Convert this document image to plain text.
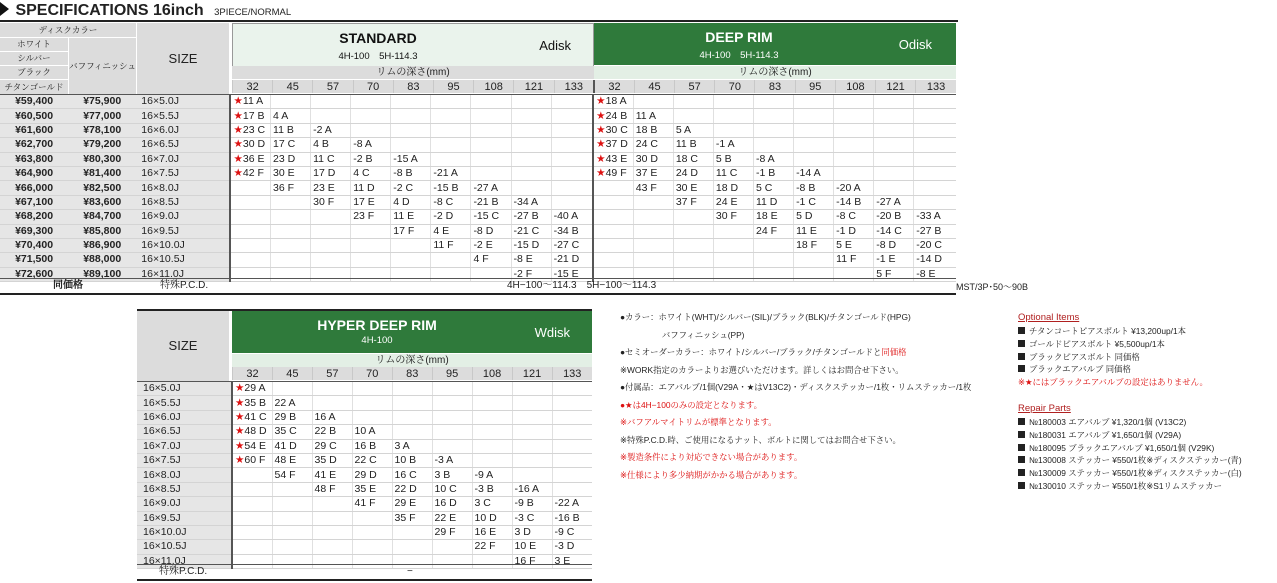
SPECIFICATIONS 16inch 3PIECE/NORMAL
ディスクカラー
ホワイト
シルバー
ブラック
チタンゴールド
バフフィニッシュ	SIZE
STANDARD
4H-100　5H-114.3
Adisk
DEEP RIM
4H-100　5H-114.3
Odisk
リムの深さ(mm)	リムの深さ(mm)
32	45	57	70	83	95	108	121	133	32	45	57	70	83	95	108	121	133
¥59,400	¥75,900	16×5.0J	★11 A									★18 A								
¥60,500	¥77,000	16×5.5J	★17 B	4 A								★24 B	11 A							
¥61,600	¥78,100	16×6.0J	★23 C	11 B	-2 A							★30 C	18 B	5 A						
¥62,700	¥79,200	16×6.5J	★30 D	17 C	4 B	-8 A						★37 D	24 C	11 B	-1 A					
¥63,800	¥80,300	16×7.0J	★36 E	23 D	11 C	-2 B	-15 A					★43 E	30 D	18 C	5 B	-8 A				
¥64,900	¥81,400	16×7.5J	★42 F	30 E	17 D	4 C	-8 B	-21 A				★49 F	37 E	24 D	11 C	-1 B	-14 A			
¥66,000	¥82,500	16×8.0J		36 F	23 E	11 D	-2 C	-15 B	-27 A				43 F	30 E	18 D	5 C	-8 B	-20 A		
¥67,100	¥83,600	16×8.5J			30 F	17 E	4 D	-8 C	-21 B	-34 A				37 F	24 E	11 D	-1 C	-14 B	-27 A	
¥68,200	¥84,700	16×9.0J				23 F	11 E	-2 D	-15 C	-27 B	-40 A				30 F	18 E	5 D	-8 C	-20 B	-33 A
¥69,300	¥85,800	16×9.5J					17 F	4 E	-8 D	-21 C	-34 B					24 F	11 E	-1 D	-14 C	-27 B
¥70,400	¥86,900	16×10.0J						11 F	-2 E	-15 D	-27 C						18 F	5 E	-8 D	-20 C
¥71,500	¥88,000	16×10.5J							4 F	-8 E	-21 D							11 F	-1 E	-14 D
¥72,600	¥89,100	16×11.0J								-2 F	-15 E								5 F	-8 E
同価格	特殊P.C.D.	4H−100〜114.3　5H−100〜114.3	MST/3P･50〜90B
SIZE
HYPER DEEP RIM
4H-100
Wdisk
リムの深さ(mm)
32	45	57	70	83	95	108	121	133
16×5.0J	★29 A								
16×5.5J	★35 B	22 A							
16×6.0J	★41 C	29 B	16 A						
16×6.5J	★48 D	35 C	22 B	10 A					
16×7.0J	★54 E	41 D	29 C	16 B	3 A				
16×7.5J	★60 F	48 E	35 D	22 C	10 B	-3 A			
16×8.0J		54 F	41 E	29 D	16 C	3 B	-9 A		
16×8.5J			48 F	35 E	22 D	10 C	-3 B	-16 A	
16×9.0J				41 F	29 E	16 D	3 C	-9 B	-22 A
16×9.5J					35 F	22 E	10 D	-3 C	-16 B
16×10.0J						29 F	16 E	3 D	-9 C
16×10.5J							22 F	10 E	-3 D
16×11.0J								16 F	3 E
特殊P.C.D.	−
●カラー：ホワイト(WHT)/シルバー(SIL)/ブラック(BLK)/チタンゴールド(HPG)
　　　　　バフフィニッシュ(PP)
●セミオーダーカラー：ホワイト/シルバー/ブラック/チタンゴールドと同価格
※WORK指定のカラーよりお選びいただけます。詳しくはお問合せ下さい。
●付属品：エアバルブ/1個(V29A・★はV13C2)・ディスクステッカー/1枚・リムステッカー/1枚
●★は4H−100のみの設定となります。
※バフアルマイトリムが標準となります。
※特殊P.C.D.時、ご使用になるナット、ボルトに関してはお問合せ下さい。
※製造条件により対応できない場合があります。
※仕様により多少納期がかかる場合があります。
Optional Items
チタンコートピアスボルト ¥13,200up/1本
ゴールドピアスボルト ¥5,500up/1本
ブラックピアスボルト 同価格
ブラックエアバルブ 同価格
※★にはブラックエアバルブの設定はありません。
Repair Parts
№180003 エアバルブ ¥1,320/1個 (V13C2)
№180031 エアバルブ ¥1,650/1個 (V29A)
№180095 ブラックエアバルブ ¥1,650/1個 (V29K)
№130008 ステッカー ¥550/1枚※ディスクステッカー(青)
№130009 ステッカー ¥550/1枚※ディスクステッカー(白)
№130010 ステッカー ¥550/1枚※S1リムステッカー
